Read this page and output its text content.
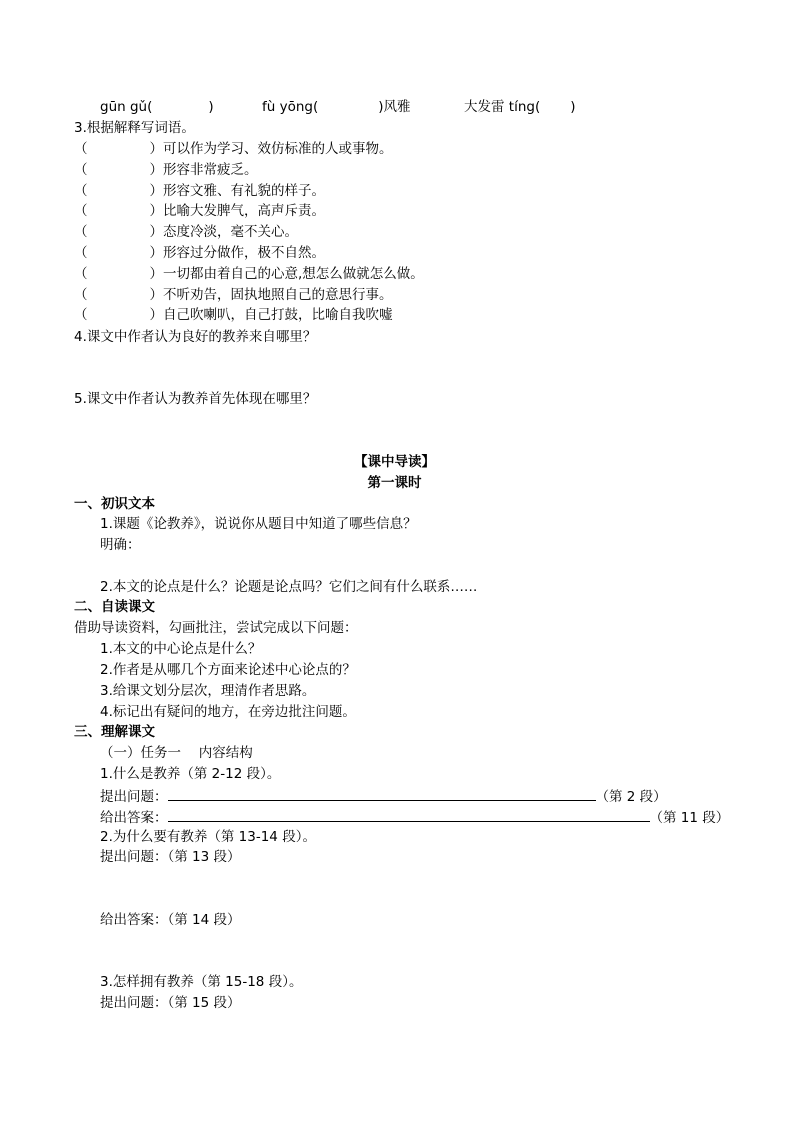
gūn gǔ(	)	fù yōng(	)风雅	大发雷 tíng( )
3.根据解释写词语。
（	）可以作为学习、效仿标准的人或事物。
（	）形容非常疲乏。
（	）形容文雅、有礼貌的样子。
（	）比喻大发脾气，高声斥责。
（	）态度冷淡，毫不关心。
（	）形容过分做作，极不自然。
（	）一切都由着自己的心意,想怎么做就怎么做。
（	）不听劝告，固执地照自己的意思行事。
（	）自己吹喇叭，自己打鼓，比喻自我吹嘘
4.课文中作者认为良好的教养来自哪里？
5.课文中作者认为教养首先体现在哪里？
【课中导读】
第一课时
一、初识文本
1.课题《论教养》，说说你从题目中知道了哪些信息？
明确：
2.本文的论点是什么？论题是论点吗？它们之间有什么联系……
二、自读课文
借助导读资料，勾画批注，尝试完成以下问题：
1.本文的中心论点是什么？
2.作者是从哪几个方面来论述中心论点的？
3.给课文划分层次，理清作者思路。
4.标记出有疑问的地方，在旁边批注问题。
三、理解课文
（一）任务一　 内容结构
1.什么是教养（第 2-12 段）。
提出问题：	（第 2 段）
给出答案：	（第 11 段）
2.为什么要有教养（第 13-14 段）。
提出问题：（第 13 段）
给出答案：（第 14 段）
3.怎样拥有教养（第 15-18 段）。
提出问题：（第 15 段）
